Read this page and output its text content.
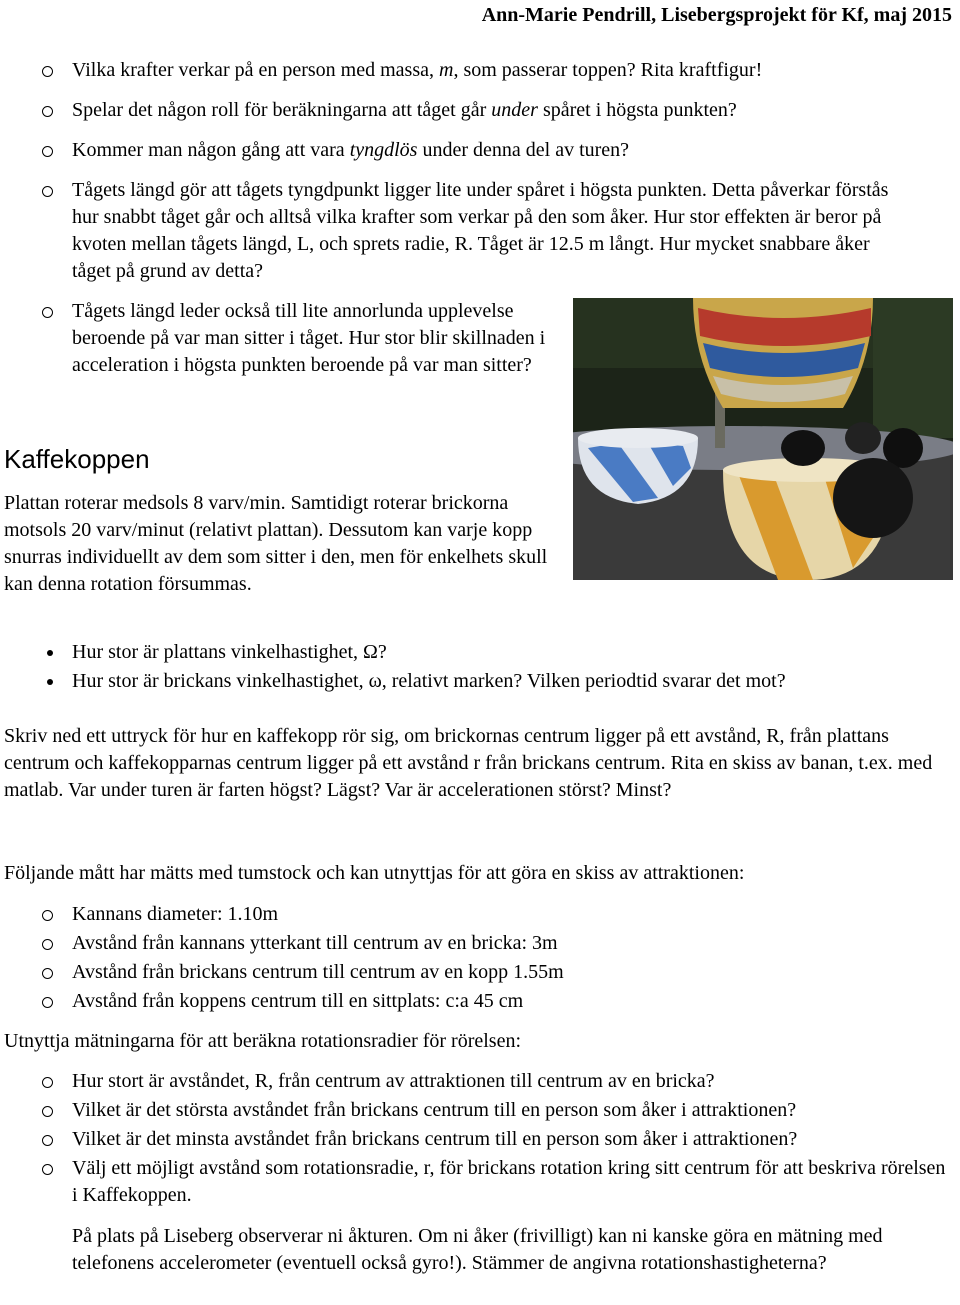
Ann-Marie Pendrill, Lisebergsprojekt för Kf, maj 2015
Vilka krafter verkar på en person med massa, m, som passerar toppen? Rita kraftfigur!
Spelar det någon roll för beräkningarna att tåget går under spåret i högsta punkten?
Kommer man någon gång att vara tyngdlös under denna del av turen?
Tågets längd gör att tågets tyngdpunkt ligger lite under spåret i högsta punkten. Detta påverkar förstås hur snabbt tåget går och alltså vilka krafter som verkar på den som åker. Hur stor effekten är beror på kvoten mellan tågets längd, L, och sprets radie, R. Tåget är 12.5 m långt. Hur mycket snabbare åker tåget på grund av detta?
Tågets längd leder också till lite annorlunda upplevelse beroende på var man sitter i tåget. Hur stor blir skillnaden i acceleration i högsta punkten beroende på var man sitter?
Kaffekoppen
Plattan roterar medsols 8 varv/min. Samtidigt roterar brickorna motsols 20 varv/minut (relativt plattan). Dessutom kan varje kopp snurras individuellt av dem som sitter i den, men för enkelhets skull kan denna rotation försummas.
Hur stor är plattans vinkelhastighet, Ω?
Hur stor är brickans vinkelhastighet, ω, relativt marken? Vilken periodtid svarar det mot?
Skriv ned ett uttryck för hur en kaffekopp rör sig, om brickornas centrum ligger på ett avstånd, R, från plattans centrum och kaffekopparnas centrum ligger på ett avstånd r från brickans centrum. Rita en skiss av banan, t.ex. med matlab. Var under turen är farten högst? Lägst? Var är accelerationen störst? Minst?
Följande mått har mätts med tumstock och kan utnyttjas för att göra en skiss av attraktionen:
Kannans diameter: 1.10m
Avstånd från kannans ytterkant till centrum av en bricka: 3m
Avstånd från brickans centrum till centrum av en kopp 1.55m
Avstånd från koppens centrum till en sittplats: c:a 45 cm
Utnyttja mätningarna för att beräkna rotationsradier för rörelsen:
Hur stort är avståndet, R, från centrum av attraktionen till centrum av en bricka?
Vilket är det största avståndet från brickans centrum till en person som åker i attraktionen?
Vilket är det minsta avståndet från brickans centrum till en person som åker i attraktionen?
Välj ett möjligt avstånd som rotationsradie, r, för brickans rotation kring sitt centrum för att beskriva rörelsen i Kaffekoppen.
På plats på Liseberg observerar ni åkturen. Om ni åker (frivilligt) kan ni kanske göra en mätning med telefonens accelerometer (eventuell också gyro!). Stämmer de angivna rotationshastigheterna?
